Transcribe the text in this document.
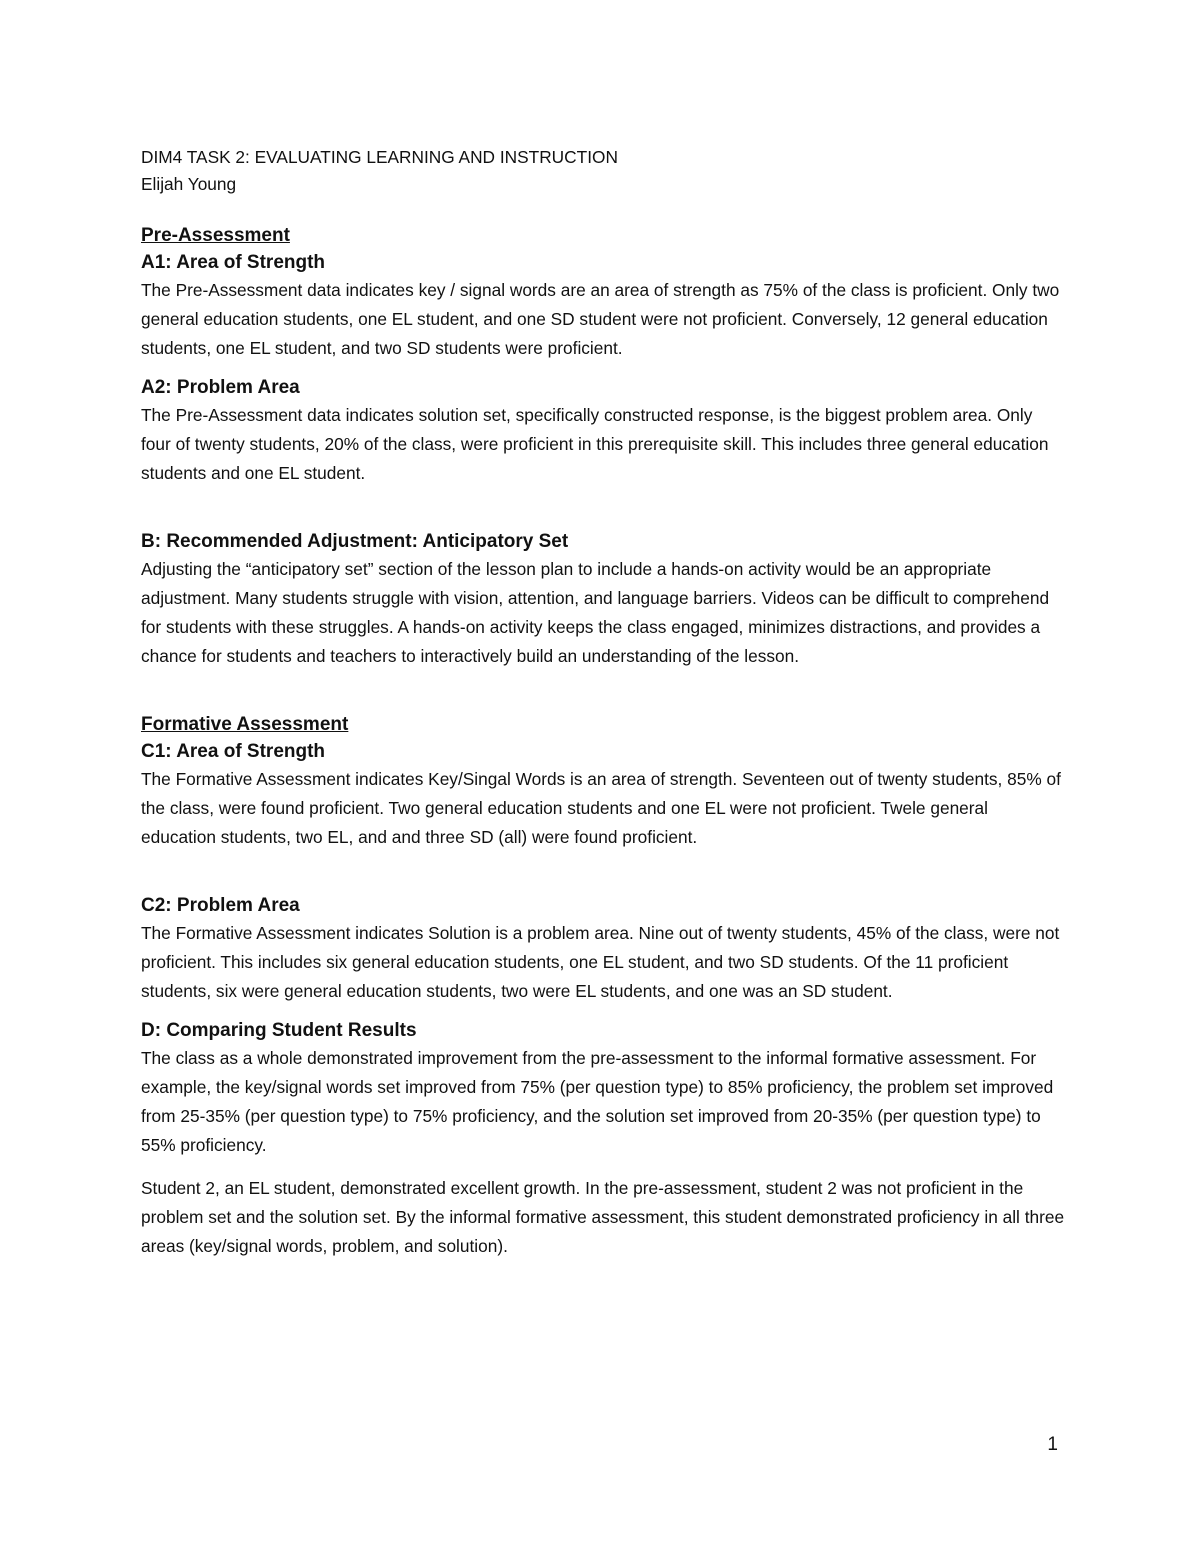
DIM4 TASK 2: EVALUATING LEARNING AND INSTRUCTION
Elijah Young
Pre-Assessment
A1: Area of Strength

The Pre-Assessment data indicates key / signal words are an area of strength as 75% of the class is proficient. Only two general education students, one EL student, and one SD student were not proficient. Conversely, 12 general education students, one EL student, and two SD students were proficient.

A2: Problem Area

The Pre-Assessment data indicates solution set, specifically constructed response, is the biggest problem area. Only four of twenty students, 20% of the class, were proficient in this prerequisite skill. This includes three general education students and one EL student.

B: Recommended Adjustment: Anticipatory Set

Adjusting the “anticipatory set” section of the lesson plan to include a hands-on activity would be an appropriate adjustment. Many students struggle with vision, attention, and language barriers. Videos can be difficult to comprehend for students with these struggles. A hands-on activity keeps the class engaged, minimizes distractions, and provides a chance for students and teachers to interactively build an understanding of the lesson.

Formative Assessment
C1: Area of Strength

The Formative Assessment indicates Key/Singal Words is an area of strength. Seventeen out of twenty students, 85% of the class, were found proficient. Two general education students and one EL were not proficient. Twele general education students, two EL, and and three SD (all) were found proficient.

C2: Problem Area

The Formative Assessment indicates Solution is a problem area. Nine out of twenty students, 45% of the class, were not proficient. This includes six general education students, one EL student, and two SD students. Of the 11 proficient students, six were general education students, two were EL students, and one was an SD student.

D: Comparing Student Results

The class as a whole demonstrated improvement from the pre-assessment to the informal formative assessment. For example, the key/signal words set improved from 75% (per question type) to 85% proficiency, the problem set improved from 25-35% (per question type) to 75% proficiency, and the solution set improved from 20-35% (per question type) to 55% proficiency.

Student 2, an EL student, demonstrated excellent growth. In the pre-assessment, student 2 was not proficient in the problem set and the solution set. By the informal formative assessment, this student demonstrated proficiency in all three areas (key/signal words, problem, and solution).

1
